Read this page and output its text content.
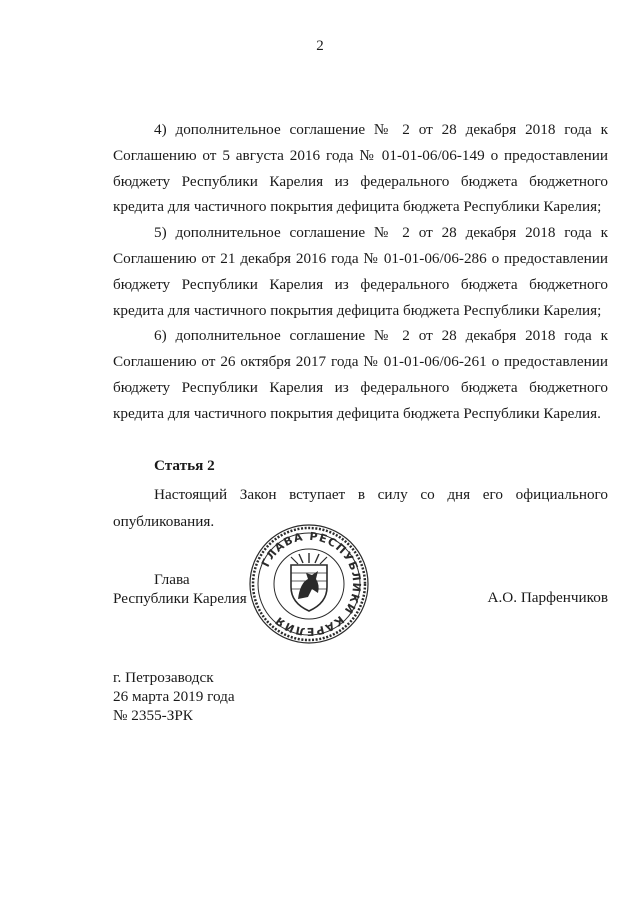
2

4) дополнительное соглашение № 2 от 28 декабря 2018 года к Соглашению от 5 августа 2016 года № 01-01-06/06-149 о предоставлении бюджету Республики Карелия из федерального бюджета бюджетного кредита для частичного покрытия дефицита бюджета Республики Карелия;

5) дополнительное соглашение № 2 от 28 декабря 2018 года к Соглашению от 21 декабря 2016 года № 01-01-06/06-286 о предоставлении бюджету Республики Карелия из федерального бюджета бюджетного кредита для частичного покрытия дефицита бюджета Республики Карелия;

6) дополнительное соглашение № 2 от 28 декабря 2018 года к Соглашению от 26 октября 2017 года № 01-01-06/06-261 о предоставлении бюджету Республики Карелия из федерального бюджета бюджетного кредита для частичного покрытия дефицита бюджета Республики Карелия.

Статья 2

Настоящий Закон вступает в силу со дня его официального опубликования.

Глава
Республики Карелия
ГЛАВА РЕСПУБЛИКИ КАРЕЛИЯ
А.О. Парфенчиков
г. Петрозаводск
26 марта 2019 года
№ 2355-ЗРК
